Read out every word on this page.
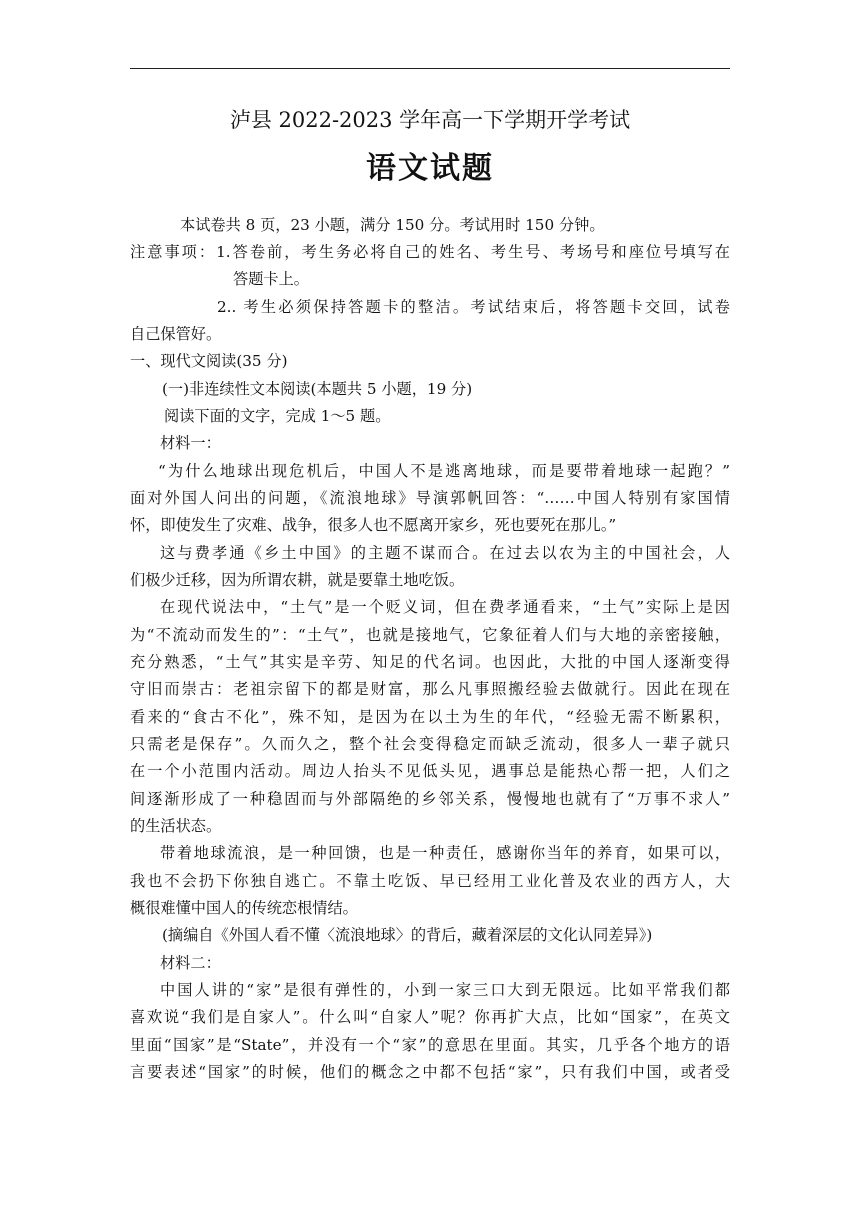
泸县 2022-2023 学年高一下学期开学考试
语文试题
本试卷共 8 页，23 小题，满分 150 分。考试用时 150 分钟。
注意事项：1.答卷前，考生务必将自己的姓名、考生号、考场号和座位号填写在
答题卡上。
2.. 考生必须保持答题卡的整洁。考试结束后，将答题卡交回，试卷
自己保管好。
一、现代文阅读(35 分)
(一)非连续性文本阅读(本题共 5 小题，19 分)
阅读下面的文字，完成 1～5 题。
材料一：
“为什么地球出现危机后，中国人不是逃离地球，而是要带着地球一起跑？”
面对外国人问出的问题，《流浪地球》导演郭帆回答：“……中国人特别有家国情
怀，即使发生了灾难、战争，很多人也不愿离开家乡，死也要死在那儿。”
这与费孝通《乡土中国》的主题不谋而合。在过去以农为主的中国社会，人
们极少迁移，因为所谓农耕，就是要靠土地吃饭。
在现代说法中，“土气”是一个贬义词，但在费孝通看来，“土气”实际上是因
为“不流动而发生的”：“土气”，也就是接地气，它象征着人们与大地的亲密接触，
充分熟悉，“土气”其实是辛劳、知足的代名词。也因此，大批的中国人逐渐变得
守旧而崇古：老祖宗留下的都是财富，那么凡事照搬经验去做就行。因此在现在
看来的“食古不化”，殊不知，是因为在以土为生的年代，“经验无需不断累积，
只需老是保存”。久而久之，整个社会变得稳定而缺乏流动，很多人一辈子就只
在一个小范围内活动。周边人抬头不见低头见，遇事总是能热心帮一把，人们之
间逐渐形成了一种稳固而与外部隔绝的乡邻关系，慢慢地也就有了“万事不求人”
的生活状态。
带着地球流浪，是一种回馈，也是一种责任，感谢你当年的养育，如果可以，
我也不会扔下你独自逃亡。不靠土吃饭、早已经用工业化普及农业的西方人，大
概很难懂中国人的传统恋根情结。
(摘编自《外国人看不懂〈流浪地球〉的背后，藏着深层的文化认同差异》)
材料二：
中国人讲的“家”是很有弹性的，小到一家三口大到无限远。比如平常我们都
喜欢说“我们是自家人”。什么叫“自家人”呢？你再扩大点，比如“国家”，在英文
里面“国家”是“State”，并没有一个“家”的意思在里面。其实，几乎各个地方的语
言要表述“国家”的时候，他们的概念之中都不包括“家”，只有我们中国，或者受
